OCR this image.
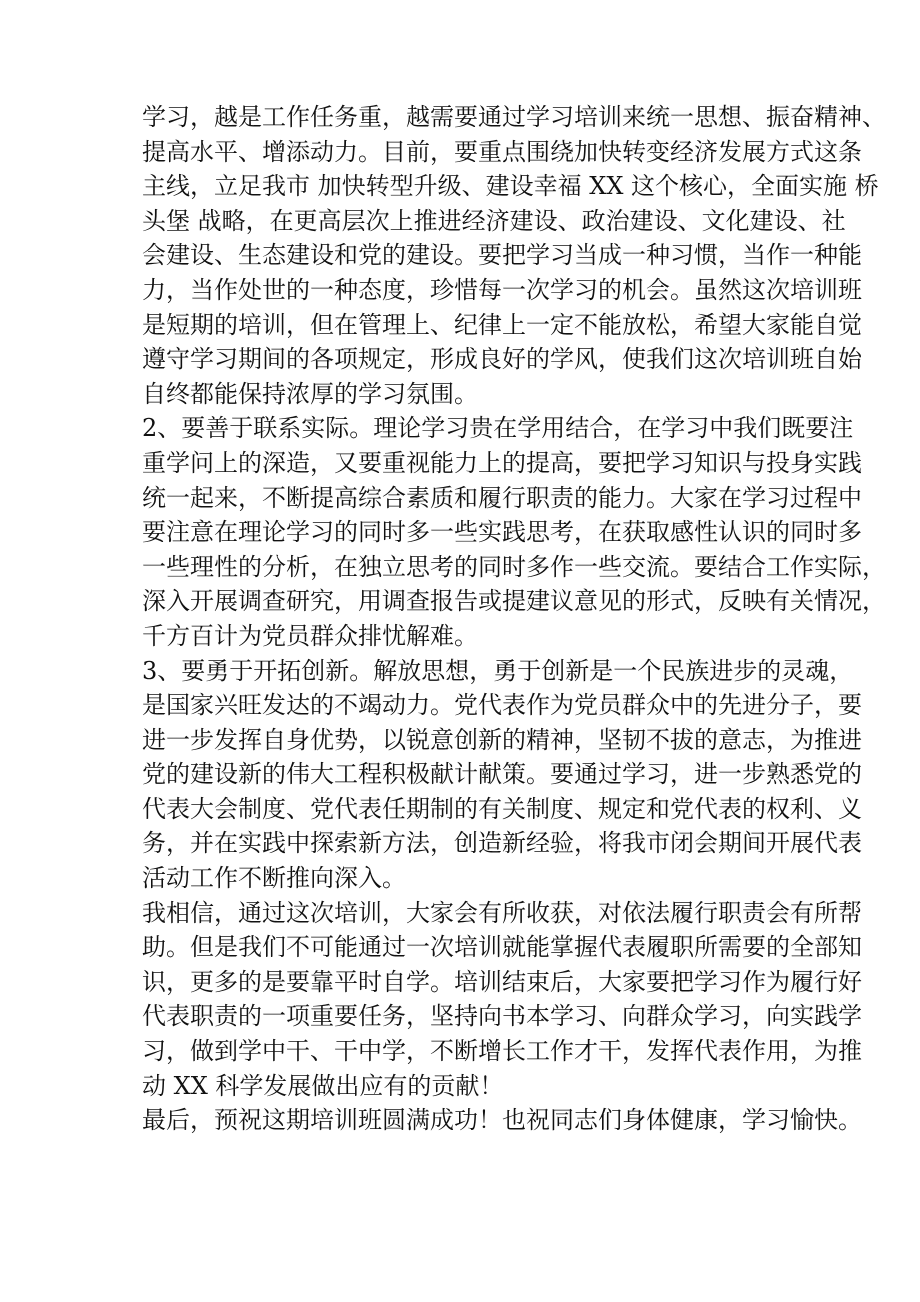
学习，越是工作任务重，越需要通过学习培训来统一思想、振奋精神、
提高水平、增添动力。目前，要重点围绕加快转变经济发展方式这条
主线，立足我市 加快转型升级、建设幸福 XX 这个核心，全面实施 桥
头堡 战略，在更高层次上推进经济建设、政治建设、文化建设、社
会建设、生态建设和党的建设。要把学习当成一种习惯，当作一种能
力，当作处世的一种态度，珍惜每一次学习的机会。虽然这次培训班
是短期的培训，但在管理上、纪律上一定不能放松，希望大家能自觉
遵守学习期间的各项规定，形成良好的学风，使我们这次培训班自始
自终都能保持浓厚的学习氛围。
2、要善于联系实际。理论学习贵在学用结合，在学习中我们既要注
重学问上的深造，又要重视能力上的提高，要把学习知识与投身实践
统一起来，不断提高综合素质和履行职责的能力。大家在学习过程中
要注意在理论学习的同时多一些实践思考，在获取感性认识的同时多
一些理性的分析，在独立思考的同时多作一些交流。要结合工作实际，
深入开展调查研究，用调查报告或提建议意见的形式，反映有关情况，
千方百计为党员群众排忧解难。
3、要勇于开拓创新。解放思想，勇于创新是一个民族进步的灵魂，
是国家兴旺发达的不竭动力。党代表作为党员群众中的先进分子，要
进一步发挥自身优势，以锐意创新的精神，坚韧不拔的意志，为推进
党的建设新的伟大工程积极献计献策。要通过学习，进一步熟悉党的
代表大会制度、党代表任期制的有关制度、规定和党代表的权利、义
务，并在实践中探索新方法，创造新经验，将我市闭会期间开展代表
活动工作不断推向深入。
我相信，通过这次培训，大家会有所收获，对依法履行职责会有所帮
助。但是我们不可能通过一次培训就能掌握代表履职所需要的全部知
识，更多的是要靠平时自学。培训结束后，大家要把学习作为履行好
代表职责的一项重要任务，坚持向书本学习、向群众学习，向实践学
习，做到学中干、干中学，不断增长工作才干，发挥代表作用，为推
动 XX 科学发展做出应有的贡献！
最后，预祝这期培训班圆满成功！也祝同志们身体健康，学习愉快。
